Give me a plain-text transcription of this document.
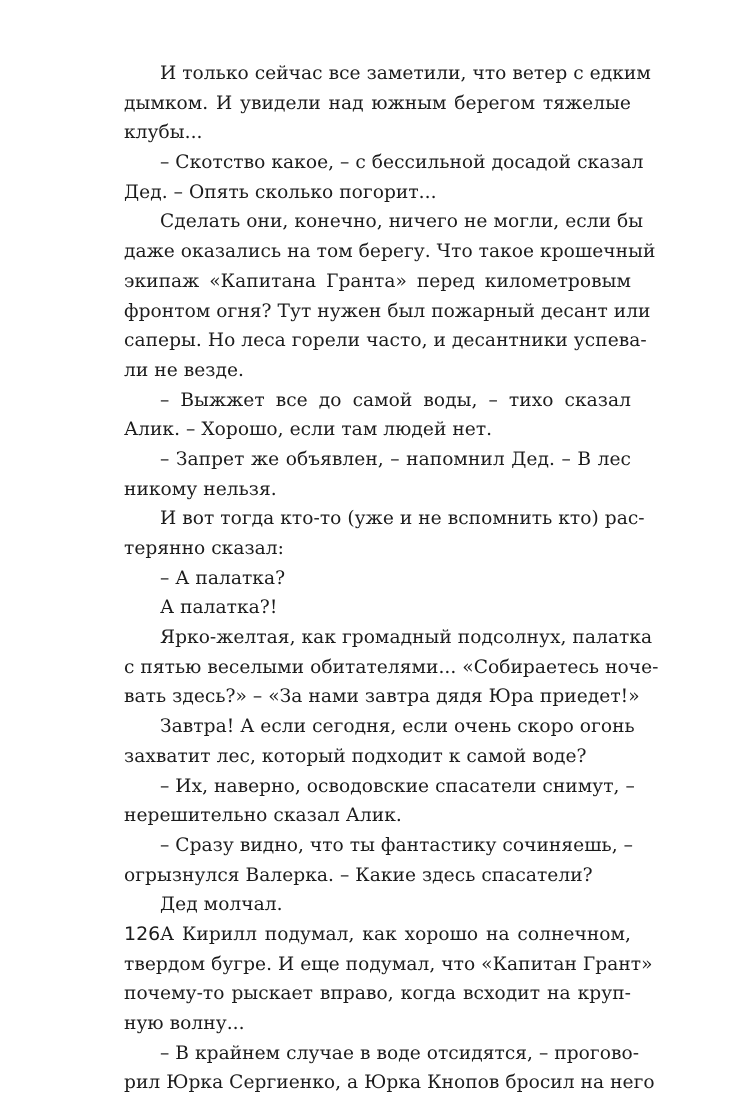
И только сейчас все заметили, что ветер с едким
дымком. И увидели над южным берегом тяжелые
клубы...
– Скотство какое, – с бессильной досадой сказал
Дед. – Опять сколько погорит...
Сделать они, конечно, ничего не могли, если бы
даже оказались на том берегу. Что такое крошечный
экипаж «Капитана Гранта» перед километровым
фронтом огня? Тут нужен был пожарный десант или
саперы. Но леса горели часто, и десантники успева-
ли не везде.
– Выжжет все до самой воды, – тихо сказал
Алик. – Хорошо, если там людей нет.
– Запрет же объявлен, – напомнил Дед. – В лес
никому нельзя.
И вот тогда кто-то (уже и не вспомнить кто) рас-
терянно сказал:
– А палатка?
А палатка?!
Ярко-желтая, как громадный подсолнух, палатка
с пятью веселыми обитателями... «Собираетесь ноче-
вать здесь?» – «За нами завтра дядя Юра приедет!»
Завтра! А если сегодня, если очень скоро огонь
захватит лес, который подходит к самой воде?
– Их, наверно, осводовские спасатели снимут, –
нерешительно сказал Алик.
– Сразу видно, что ты фантастику сочиняешь, –
огрызнулся Валерка. – Какие здесь спасатели?
Дед молчал.
А Кирилл подумал, как хорошо на солнечном,
твердом бугре. И еще подумал, что «Капитан Грант»
почему-то рыскает вправо, когда всходит на круп-
ную волну...
– В крайнем случае в воде отсидятся, – прогово-
рил Юрка Сергиенко, а Юрка Кнопов бросил на него
126
